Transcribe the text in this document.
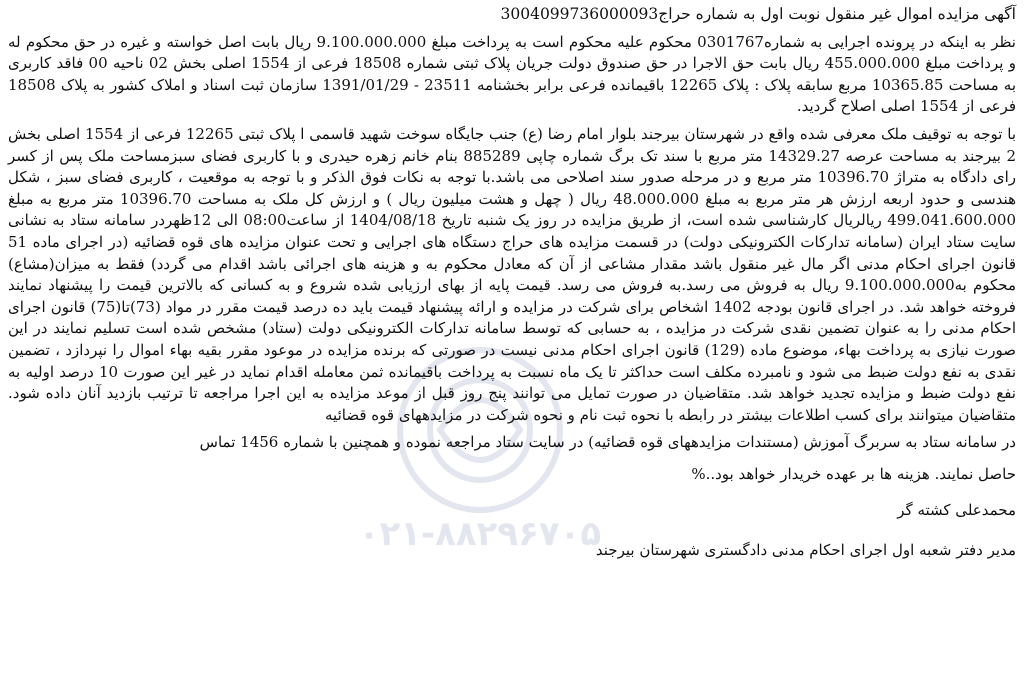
۰۲۱-۸۸۲۹۶۷۰۵

آگهی مزایده اموال غیر منقول نوبت اول به شماره حراج3004099736000093

نظر به اینکه در پرونده اجرایی به شماره0301767 محکوم علیه محکوم است به پرداخت مبلغ 9.100.000.000 ریال بابت اصل خواسته و غیره در حق محکوم له و پرداخت مبلغ 455.000.000 ریال بابت حق الاجرا در حق صندوق دولت جریان پلاک ثبتی شماره 18508 فرعی از 1554 اصلی بخش 02 ناحیه 00 فاقد کاربری به مساحت 10365.85 مربع سابقه پلاک : پلاک 12265 باقیمانده فرعی برابر بخشنامه 23511 - 1391/01/29 سازمان ثبت اسناد و املاک کشور به پلاک 18508 فرعی از 1554 اصلی اصلاح گردید.

با توجه به توقیف ملک معرفی شده واقع در شهرستان بیرجند بلوار امام رضا (ع) جنب جایگاه سوخت شهید قاسمی ا پلاک ثبتی 12265 فرعی از 1554 اصلی بخش 2 بیرجند به مساحت عرصه 14329.27 متر مربع با سند تک برگ شماره چاپی 885289 بنام خانم زهره حیدری و با کاربری فضای سبزمساحت ملک پس از کسر رای دادگاه به متراژ 10396.70 متر مربع و در مرحله صدور سند اصلاحی می باشد.با توجه به نکات فوق الذکر و با توجه به موقعیت ، کاربری فضای سبز ، شکل هندسی و حدود اربعه ارزش هر متر مربع به مبلغ 48.000.000 ریال ( چهل و هشت میلیون ریال ) و ارزش کل ملک به مساحت 10396.70 متر مربع به مبلغ 499.041.600.000 ریالریال کارشناسی شده است، از طریق مزایده در روز یک شنبه تاریخ 1404/08/18 از ساعت08:00 الی 12ظهردر سامانه ستاد به نشانی سایت ستاد ایران (سامانه تدارکات الکترونیکی دولت) در قسمت مزایده های حراج دستگاه های اجرایی و تحت عنوان مزایده های قوه قضائیه (در اجرای ماده 51 قانون اجرای احکام مدنی اگر مال غیر منقول باشد مقدار مشاعی از آن که معادل محکوم به و هزینه های اجرائی باشد اقدام می گردد) فقط به میزان(مشاع) محکوم به9.100.000.000 ریال به فروش می رسد.به فروش می رسد. قیمت پایه از بهای ارزیابی شده شروع و به کسانی که بالاترین قیمت را پیشنهاد نمایند فروخته خواهد شد. در اجرای قانون بودجه 1402 اشخاص برای شرکت در مزایده و ارائه پیشنهاد قیمت باید ده درصد قیمت مقرر در مواد (73)تا(75) قانون اجرای احکام مدنی را به عنوان تضمین نقدی شرکت در مزایده ، به حسابی که توسط سامانه تدارکات الکترونیکی دولت (ستاد) مشخص شده است تسلیم نمایند در این صورت نیازی به پرداخت بهاء، موضوع ماده (129) قانون اجرای احکام مدنی نیست در صورتی که برنده مزایده در موعود مقرر بقیه بهاء اموال را نپردازد ، تضمین نقدی به نفع دولت ضبط می شود و نامبرده مکلف است حداکثر تا یک ماه نسبت به پرداخت باقیمانده ثمن معامله اقدام نماید در غیر این صورت 10 درصد اولیه به نفع دولت ضبط و مزایده تجدید خواهد شد. متقاضیان در صورت تمایل می توانند پنج روز قبل از موعد مزایده به این اجرا مراجعه تا ترتیب بازدید آنان داده شود. متقاضیان میتوانند برای کسب اطلاعات بیشتر در رابطه با نحوه ثبت نام و نحوه شرکت در مزایدههای قوه قضائیه

در سامانه ستاد به سربرگ آموزش (مستندات مزایدههای قوه قضائیه) در سایت ستاد مراجعه نموده و همچنین با شماره 1456 تماس

حاصل نمایند. هزینه ها بر عهده خریدار خواهد بود..%

محمدعلی کشته گر

مدیر دفتر شعبه اول اجرای احکام مدنی دادگستری شهرستان بیرجند
